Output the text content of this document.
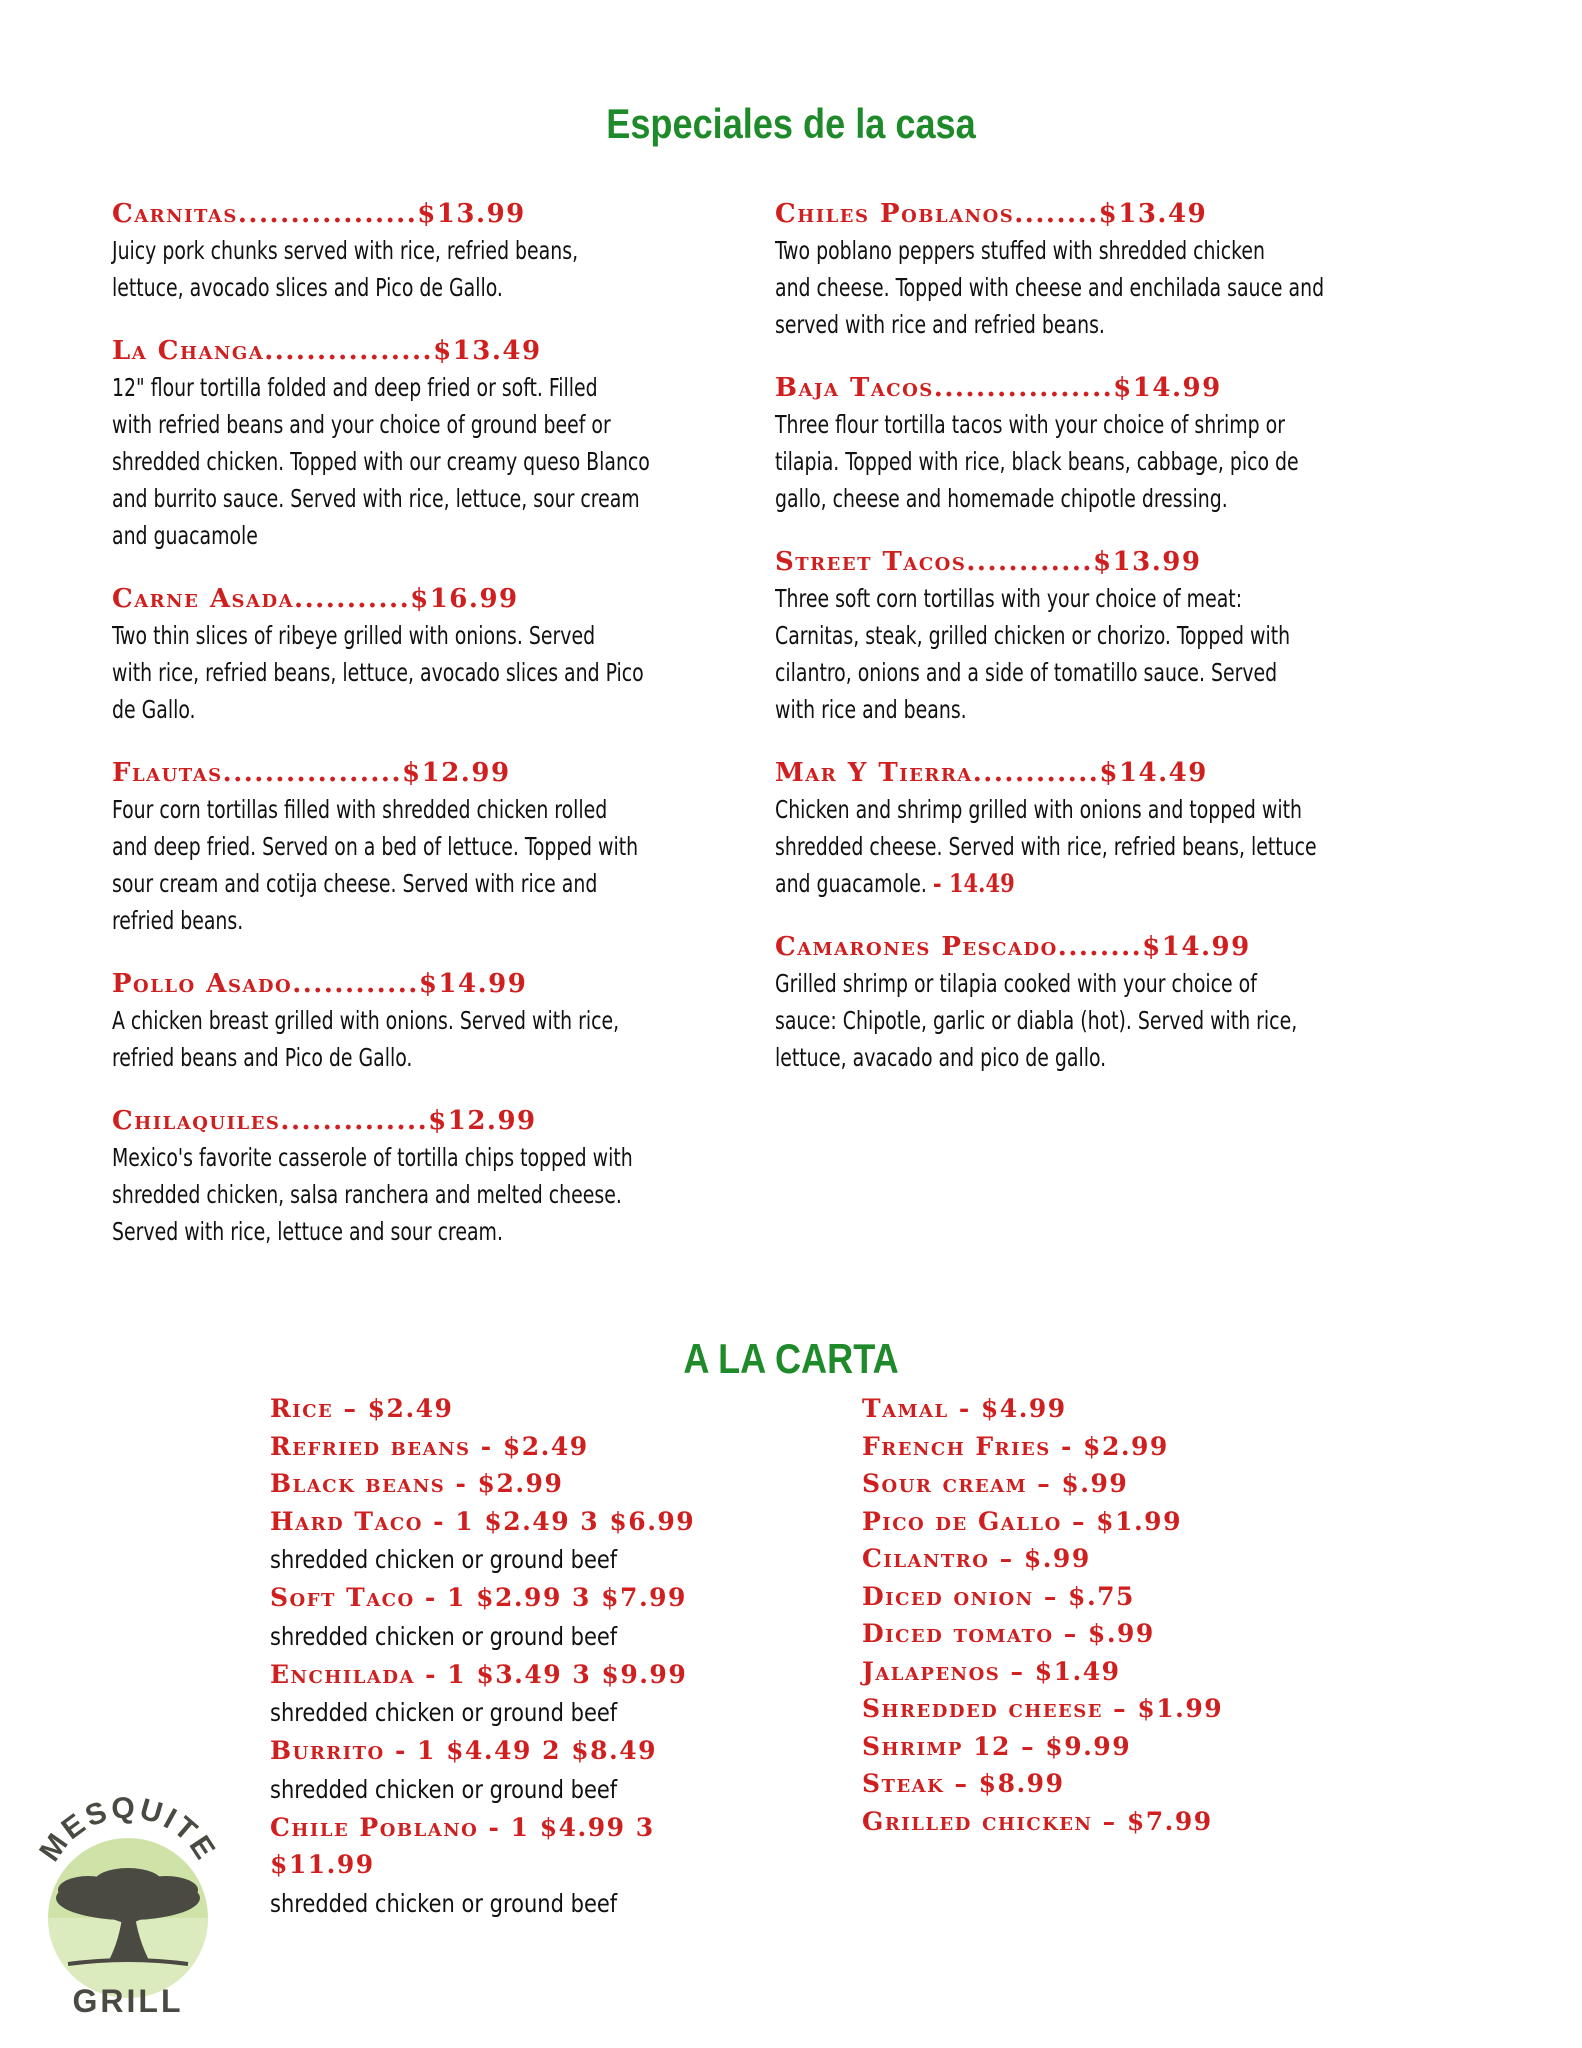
Especiales de la casa
Carnitas.................$13.99
Juicy pork chunks served with rice, refried beans,
lettuce, avocado slices and Pico de Gallo.
La Changa................$13.49
12" flour tortilla folded and deep fried or soft. Filled
with refried beans and your choice of ground beef or
shredded chicken. Topped with our creamy queso Blanco
and burrito sauce. Served with rice, lettuce, sour cream
and guacamole
Carne Asada...........$16.99
Two thin slices of ribeye grilled with onions. Served
with rice, refried beans, lettuce, avocado slices and Pico
de Gallo.
Flautas.................$12.99
Four corn tortillas filled with shredded chicken rolled
and deep fried. Served on a bed of lettuce. Topped with
sour cream and cotija cheese. Served with rice and
refried beans.
Pollo Asado............$14.99
A chicken breast grilled with onions. Served with rice,
refried beans and Pico de Gallo.
Chilaquiles..............$12.99
Mexico's favorite casserole of tortilla chips topped with
shredded chicken, salsa ranchera and melted cheese.
Served with rice, lettuce and sour cream.
Chiles Poblanos........$13.49
Two poblano peppers stuffed with shredded chicken
and cheese. Topped with cheese and enchilada sauce and
served with rice and refried beans.
Baja Tacos.................$14.99
Three flour tortilla tacos with your choice of shrimp or
tilapia. Topped with rice, black beans, cabbage, pico de
gallo, cheese and homemade chipotle dressing.
Street Tacos............$13.99
Three soft corn tortillas with your choice of meat:
Carnitas, steak, grilled chicken or chorizo. Topped with
cilantro, onions and a side of tomatillo sauce. Served
with rice and beans.
Mar Y Tierra............$14.49
Chicken and shrimp grilled with onions and topped with
shredded cheese. Served with rice, refried beans, lettuce
and guacamole. - 14.49
Camarones Pescado........$14.99
Grilled shrimp or tilapia cooked with your choice of
sauce: Chipotle, garlic or diabla (hot). Served with rice,
lettuce, avacado and pico de gallo.
A LA CARTA
Rice – $2.49
Refried beans - $2.49
Black beans - $2.99
Hard Taco - 1 $2.49 3 $6.99
shredded chicken or ground beef
Soft Taco - 1 $2.99 3 $7.99
shredded chicken or ground beef
Enchilada - 1 $3.49 3 $9.99
shredded chicken or ground beef
Burrito - 1 $4.49 2 $8.49
shredded chicken or ground beef
Chile Poblano - 1 $4.99 3
$11.99
shredded chicken or ground beef
Tamal - $4.99
French Fries - $2.99
Sour cream – $.99
Pico de Gallo – $1.99
Cilantro – $.99
Diced onion – $.75
Diced tomato – $.99
Jalapenos – $1.49
Shredded cheese – $1.99
Shrimp 12 – $9.99
Steak – $8.99
Grilled chicken – $7.99
MESQUITE
GRILL
